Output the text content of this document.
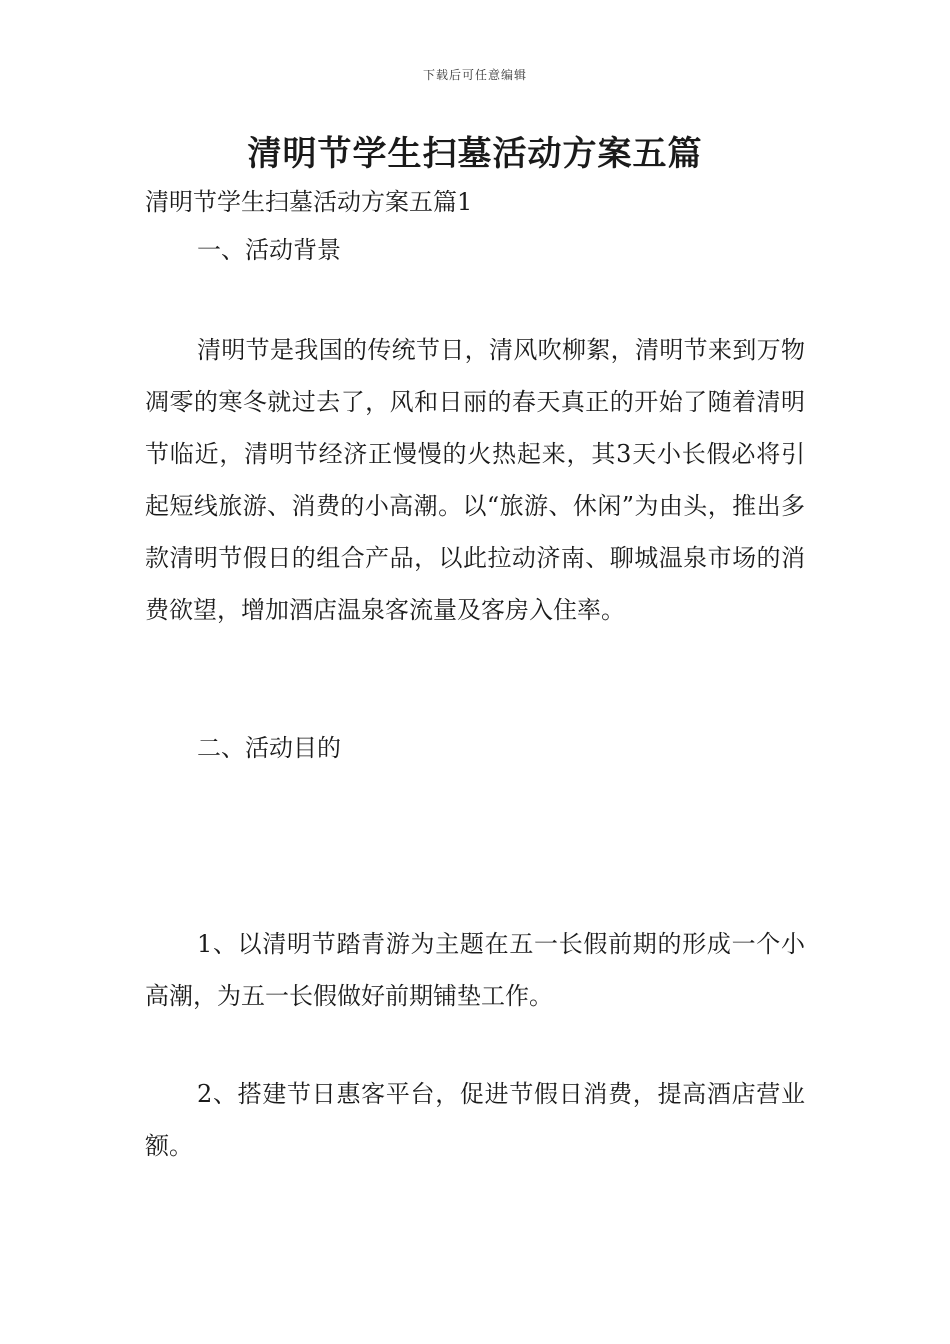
下载后可任意编辑
清明节学生扫墓活动方案五篇

清明节学生扫墓活动方案五篇1

一、活动背景

清明节是我国的传统节日，清风吹柳絮，清明节来到万物凋零的寒冬就过去了，风和日丽的春天真正的开始了随着清明节临近，清明节经济正慢慢的火热起来，其3天小长假必将引起短线旅游、消费的小高潮。以“旅游、休闲”为由头，推出多款清明节假日的组合产品，以此拉动济南、聊城温泉市场的消费欲望，增加酒店温泉客流量及客房入住率。

二、活动目的

1、以清明节踏青游为主题在五一长假前期的形成一个小高潮，为五一长假做好前期铺垫工作。

2、搭建节日惠客平台，促进节假日消费，提高酒店营业额。
